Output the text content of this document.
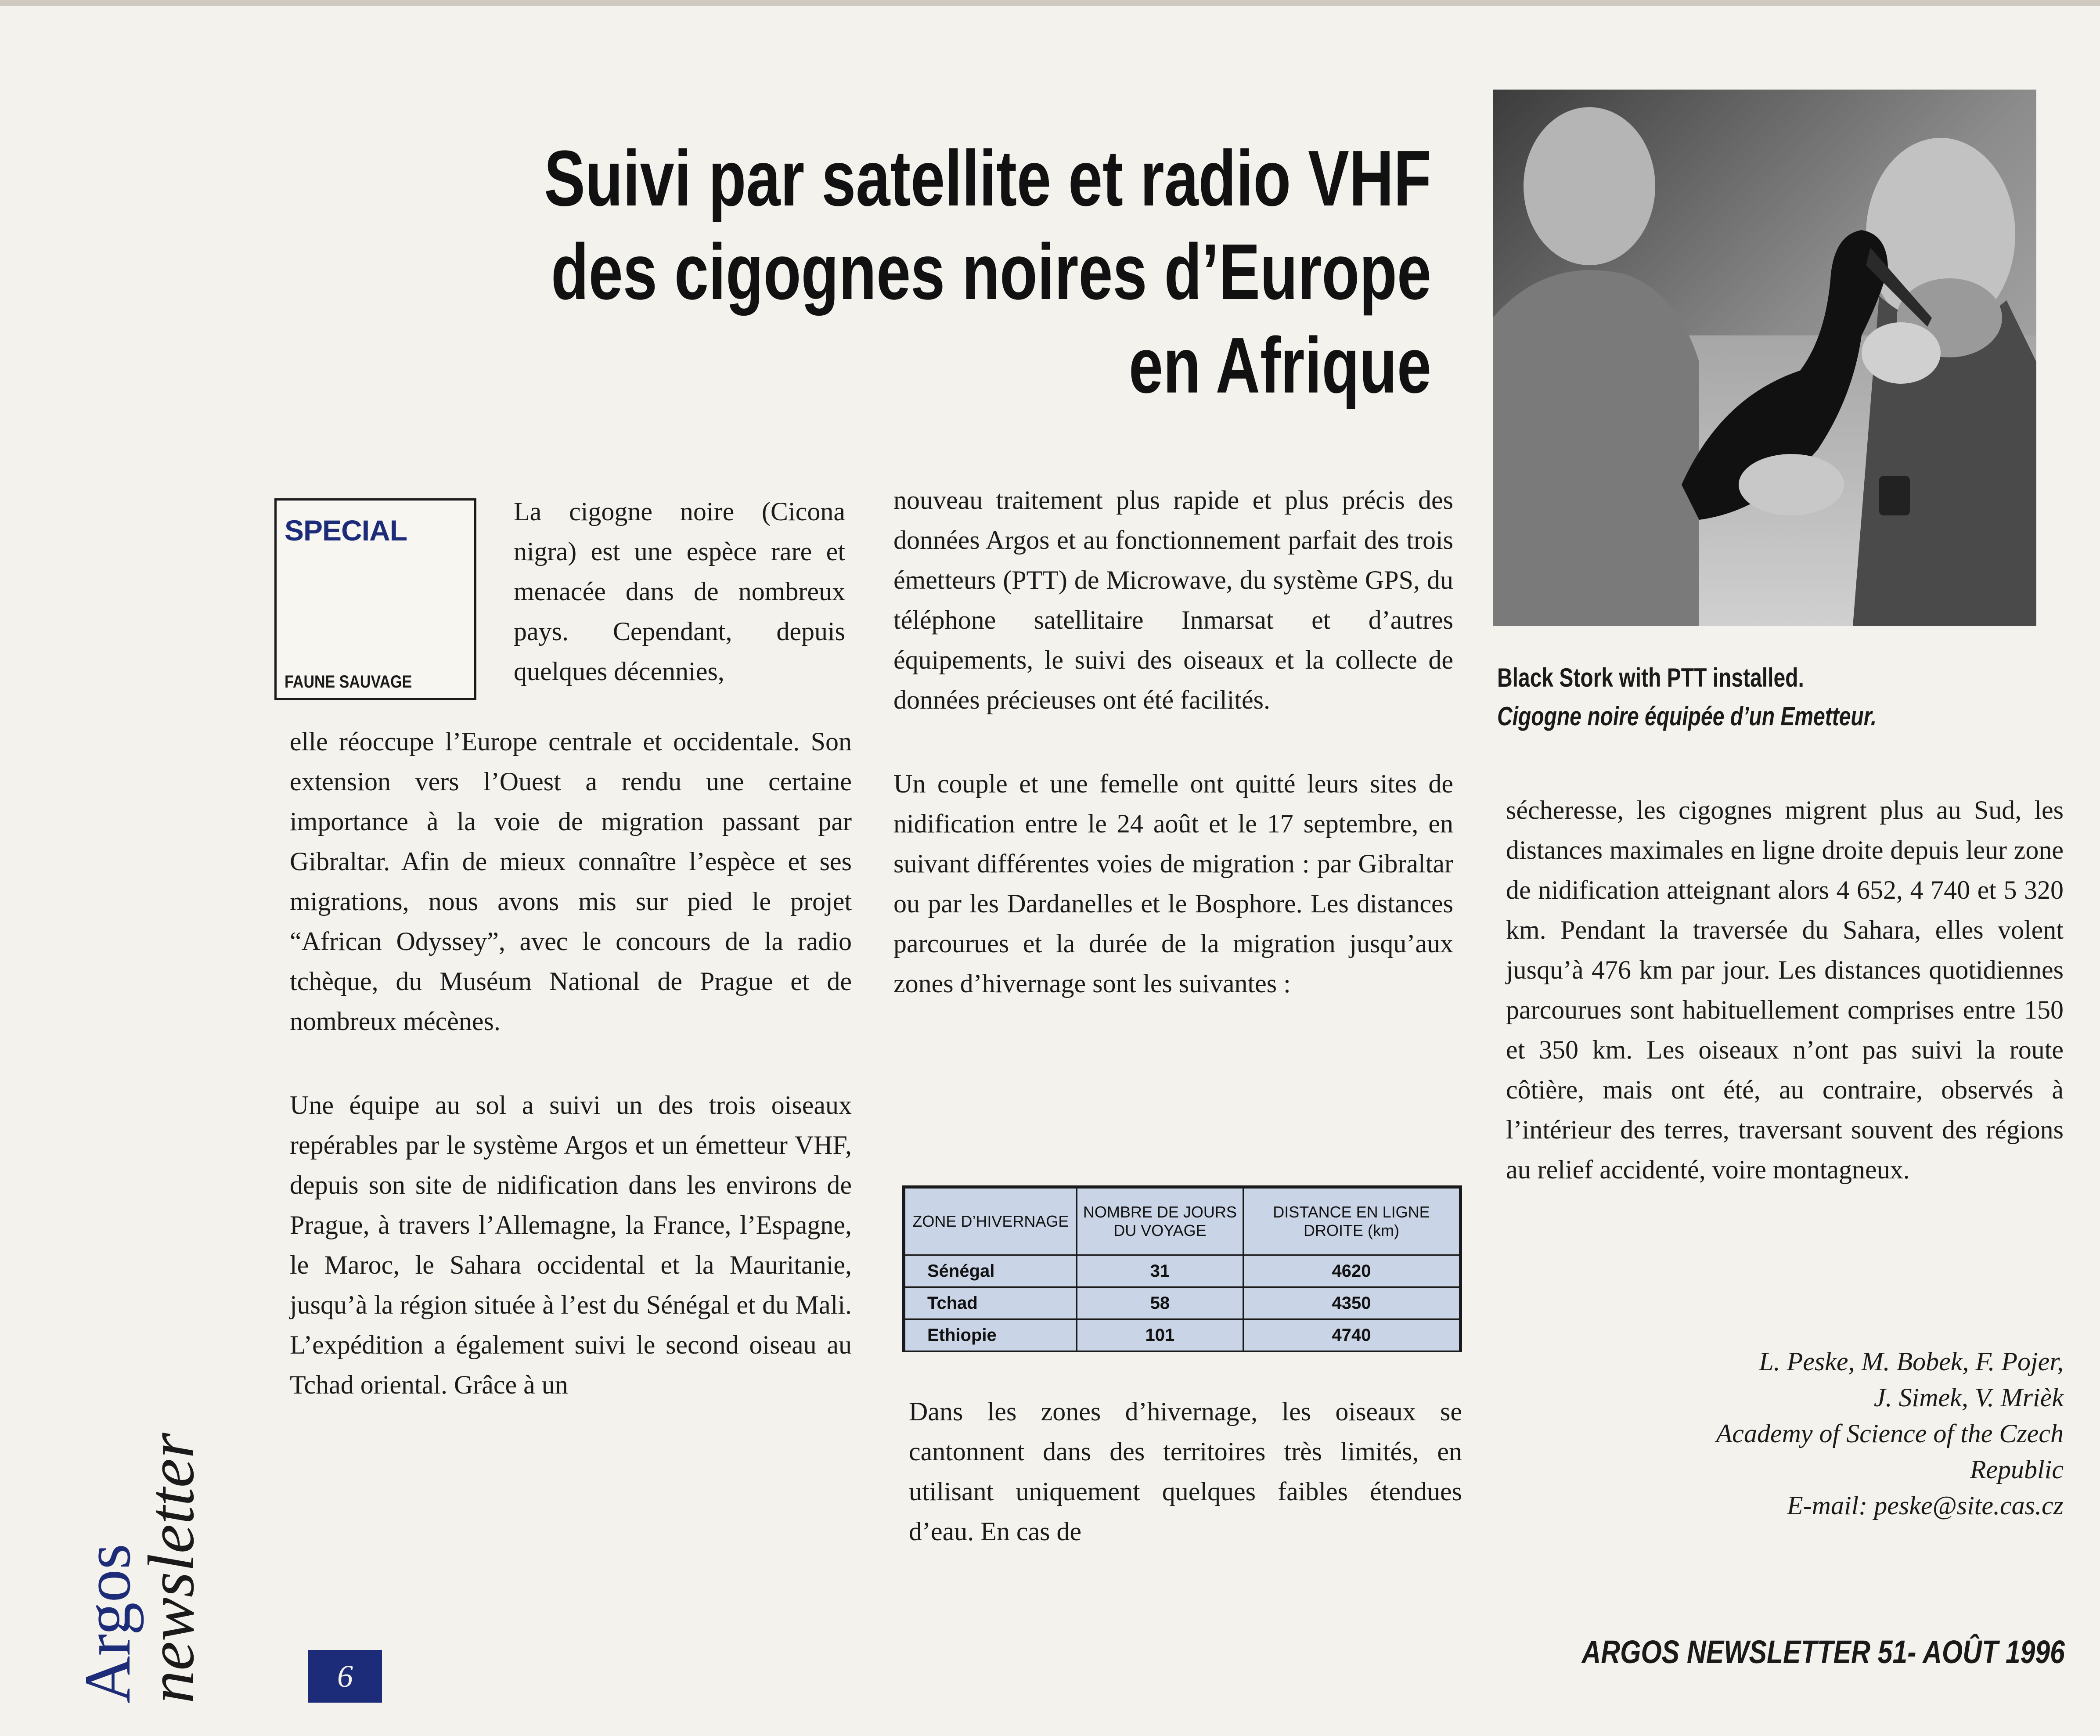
Suivi par satellite et radio VHF
des cigognes noires d’Europe
en Afrique
Black Stork with PTT installed.
Cigogne noire équipée d’un Emetteur.
SPECIAL
FAUNE SAUVAGE

La cigogne noire (Cicona nigra) est une espèce rare et menacée dans de nombreux pays. Cependant, depuis quelques décennies,

elle réoccupe l’Europe centrale et occidentale. Son extension vers l’Ouest a rendu une certaine importance à la voie de migration passant par Gibraltar. Afin de mieux connaître l’espèce et ses migrations, nous avons mis sur pied le projet “African Odyssey”, avec le concours de la radio tchèque, du Muséum National de Prague et de nombreux mécènes.

Une équipe au sol a suivi un des trois oiseaux repérables par le système Argos et un émetteur VHF, depuis son site de nidification dans les environs de Prague, à travers l’Allemagne, la France, l’Espagne, le Maroc, le Sahara occidental et la Mauritanie, jusqu’à la région située à l’est du Sénégal et du Mali. L’expédition a également suivi le second oiseau au Tchad oriental. Grâce à un

nouveau traitement plus rapide et plus précis des données Argos et au fonctionnement parfait des trois émetteurs (PTT) de Microwave, du système GPS, du téléphone satellitaire Inmarsat et d’autres équipements, le suivi des oiseaux et la collecte de données précieuses ont été facilités.

Un couple et une femelle ont quitté leurs sites de nidification entre le 24 août et le 17 septembre, en suivant différentes voies de migration : par Gibraltar ou par les Dardanelles et le Bosphore. Les distances parcourues et la durée de la migration jusqu’aux zones d’hivernage sont les suivantes :

ZONE D’HIVERNAGE	NOMBRE DE JOURS DU VOYAGE	DISTANCE EN LIGNE DROITE (km)
Sénégal	31	4620
Tchad	58	4350
Ethiopie	101	4740

Dans les zones d’hivernage, les oiseaux se cantonnent dans des territoires très limités, en utilisant uniquement quelques faibles étendues d’eau. En cas de

sécheresse, les cigognes migrent plus au Sud, les distances maximales en ligne droite depuis leur zone de nidification atteignant alors 4 652, 4 740 et 5 320 km. Pendant la traversée du Sahara, elles volent jusqu’à 476 km par jour. Les distances quotidiennes parcourues sont habituellement comprises entre 150 et 350 km. Les oiseaux n’ont pas suivi la route côtière, mais ont été, au contraire, observés à l’intérieur des terres, traversant souvent des régions au relief accidenté, voire montagneux.

L. Peske, M. Bobek, F. Pojer,

J. Simek, V. Mrièk

Academy of Science of the Czech

Republic

E-mail: peske@site.cas.cz

ARGOS NEWSLETTER 51- AOÛT 1996
6
Argos
newsletter
